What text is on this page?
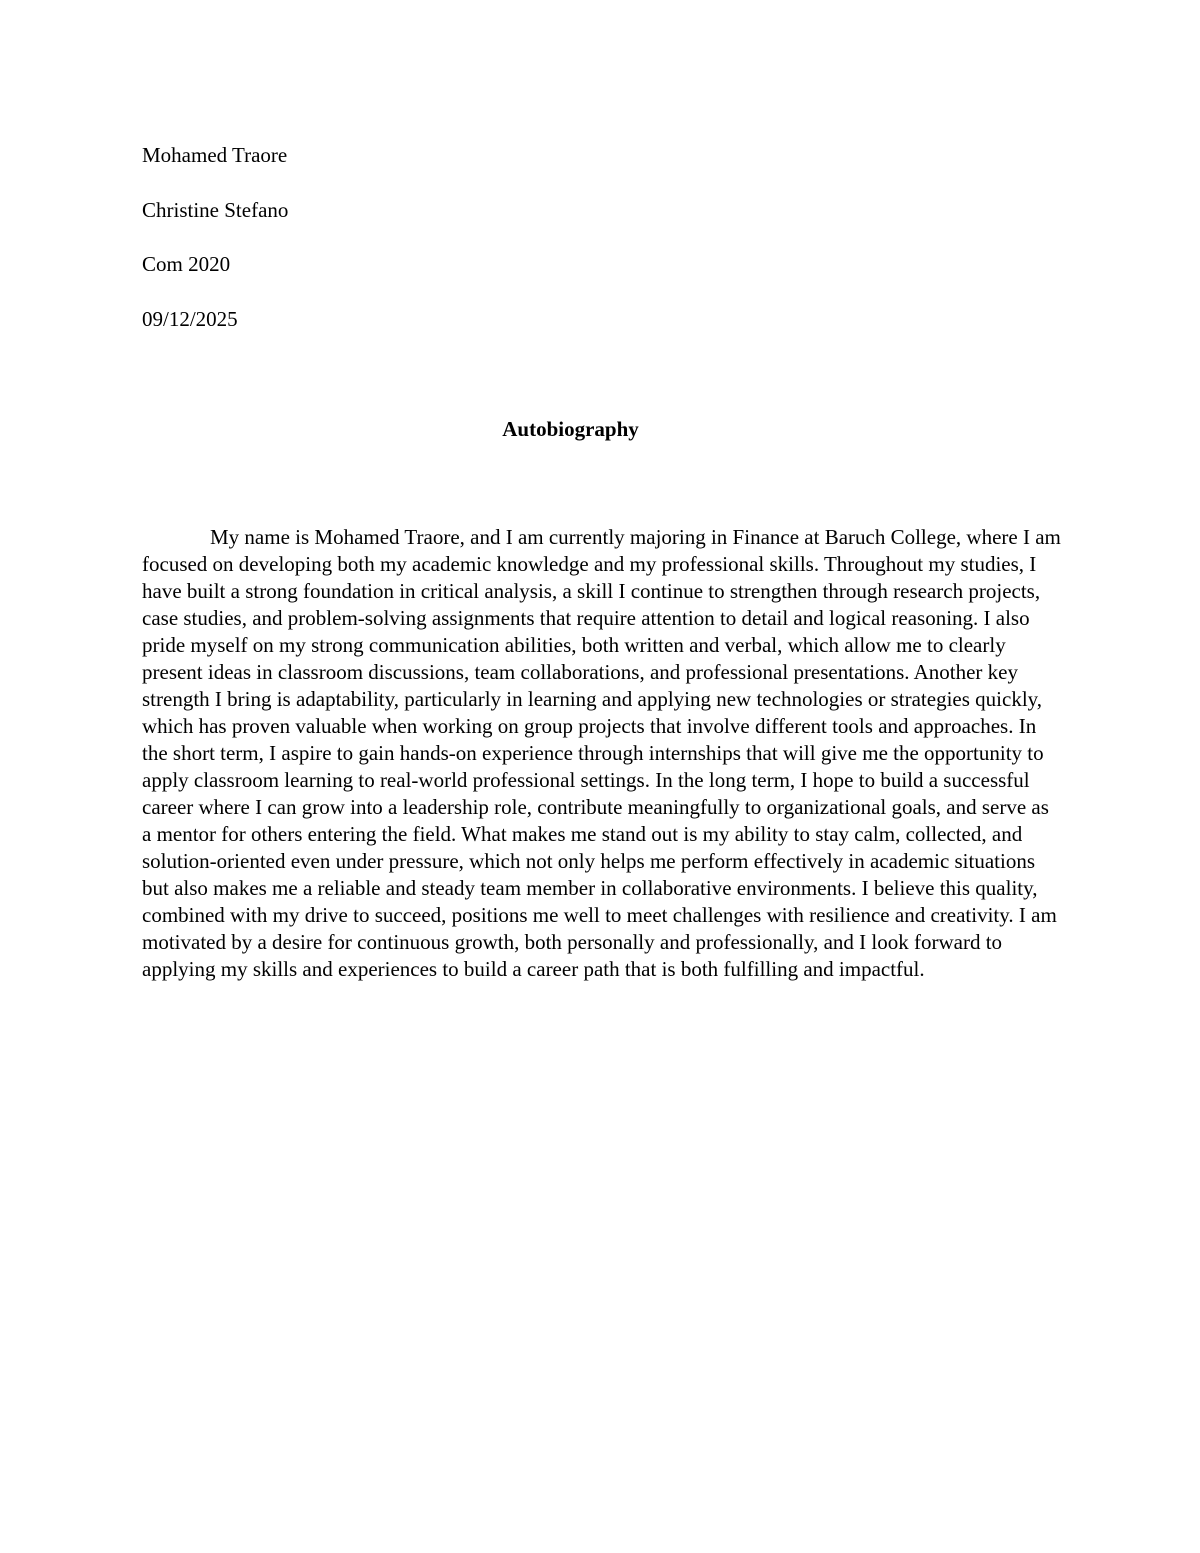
Mohamed Traore
Christine Stefano
Com 2020
09/12/2025
Autobiography

My name is Mohamed Traore, and I am currently majoring in Finance at Baruch College, where I am focused on developing both my academic knowledge and my professional skills. Throughout my studies, I have built a strong foundation in critical analysis, a skill I continue to strengthen through research projects, case studies, and problem-solving assignments that require attention to detail and logical reasoning. I also pride myself on my strong communication abilities, both written and verbal, which allow me to clearly present ideas in classroom discussions, team collaborations, and professional presentations. Another key strength I bring is adaptability, particularly in learning and applying new technologies or strategies quickly, which has proven valuable when working on group projects that involve different tools and approaches. In the short term, I aspire to gain hands-on experience through internships that will give me the opportunity to apply classroom learning to real-world professional settings. In the long term, I hope to build a successful career where I can grow into a leadership role, contribute meaningfully to organizational goals, and serve as a mentor for others entering the field. What makes me stand out is my ability to stay calm, collected, and solution-oriented even under pressure, which not only helps me perform effectively in academic situations but also makes me a reliable and steady team member in collaborative environments. I believe this quality, combined with my drive to succeed, positions me well to meet challenges with resilience and creativity. I am motivated by a desire for continuous growth, both personally and professionally, and I look forward to applying my skills and experiences to build a career path that is both fulfilling and impactful.
